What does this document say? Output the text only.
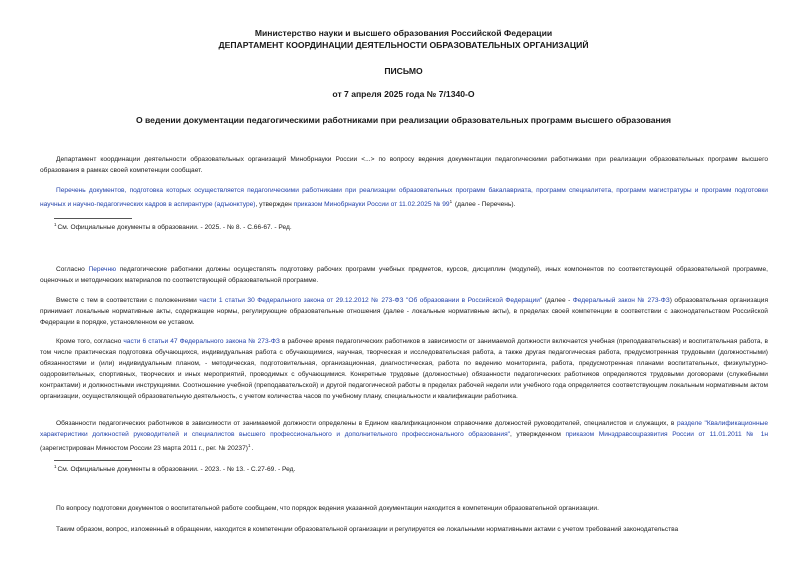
Министерство науки и высшего образования Российской Федерации
ДЕПАРТАМЕНТ КООРДИНАЦИИ ДЕЯТЕЛЬНОСТИ ОБРАЗОВАТЕЛЬНЫХ ОРГАНИЗАЦИЙ
ПИСЬМО
от 7 апреля 2025 года № 7/1340-О
О ведении документации педагогическими работниками при реализации образовательных программ высшего образования

Департамент координации деятельности образовательных организаций Минобрнауки России <...> по вопросу ведения документации педагогическими работниками при реализации образовательных программ высшего образования в рамках своей компетенции сообщает.

Перечень документов, подготовка которых осуществляется педагогическими работниками при реализации образовательных программ бакалавриата, программ специалитета, программ магистратуры и программ подготовки научных и научно-педагогических кадров в аспирантуре (адъюнктуре), утвержден приказом Минобрнауки России от 11.02.2025 № $99^1$ (далее - Перечень).

$^1$См. Официальные документы в образовании. - 2025. - № 8. - С.66-67. - Ред.

Согласно Перечню педагогические работники должны осуществлять подготовку рабочих программ учебных предметов, курсов, дисциплин (модулей), иных компонентов по соответствующей образовательной программе, оценочных и методических материалов по соответствующей образовательной программе.

Вместе с тем в соответствии с положениями части 1 статьи 30 Федерального закона от 29.12.2012 № 273-ФЗ "Об образовании в Российской Федерации" (далее - Федеральный закон № 273-ФЗ) образовательная организация принимает локальные нормативные акты, содержащие нормы, регулирующие образовательные отношения (далее - локальные нормативные акты), в пределах своей компетенции в соответствии с законодательством Российской Федерации в порядке, установленном ее уставом.

Кроме того, согласно части 6 статьи 47 Федерального закона № 273-ФЗ в рабочее время педагогических работников в зависимости от занимаемой должности включается учебная (преподавательская) и воспитательная работа, в том числе практическая подготовка обучающихся, индивидуальная работа с обучающимися, научная, творческая и исследовательская работа, а также другая педагогическая работа, предусмотренная трудовыми (должностными) обязанностями и (или) индивидуальным планом, - методическая, подготовительная, организационная, диагностическая, работа по ведению мониторинга, работа, предусмотренная планами воспитательных, физкультурно-оздоровительных, спортивных, творческих и иных мероприятий, проводимых с обучающимися. Конкретные трудовые (должностные) обязанности педагогических работников определяются трудовыми договорами (служебными контрактами) и должностными инструкциями. Соотношение учебной (преподавательской) и другой педагогической работы в пределах рабочей недели или учебного года определяется соответствующим локальным нормативным актом организации, осуществляющей образовательную деятельность, с учетом количества часов по учебному плану, специальности и квалификации работника.

Обязанности педагогических работников в зависимости от занимаемой должности определены в Едином квалификационном справочнике должностей руководителей, специалистов и служащих, в разделе "Квалификационные характеристики должностей руководителей и специалистов высшего профессионального и дополнительного профессионального образования", утвержденном приказом Минздравсоцразвития России от 11.01.2011 № 1н (зарегистрирован Минюстом России 23 марта 2011 г., рег. № 20237)$^1$.

$^1$См. Официальные документы в образовании. - 2023. - № 13. - С.27-69. - Ред.

По вопросу подготовки документов о воспитательной работе сообщаем, что порядок ведения указанной документации находится в компетенции образовательной организации.

Таким образом, вопрос, изложенный в обращении, находится в компетенции образовательной организации и регулируется ее локальными нормативными актами с учетом требований законодательства
